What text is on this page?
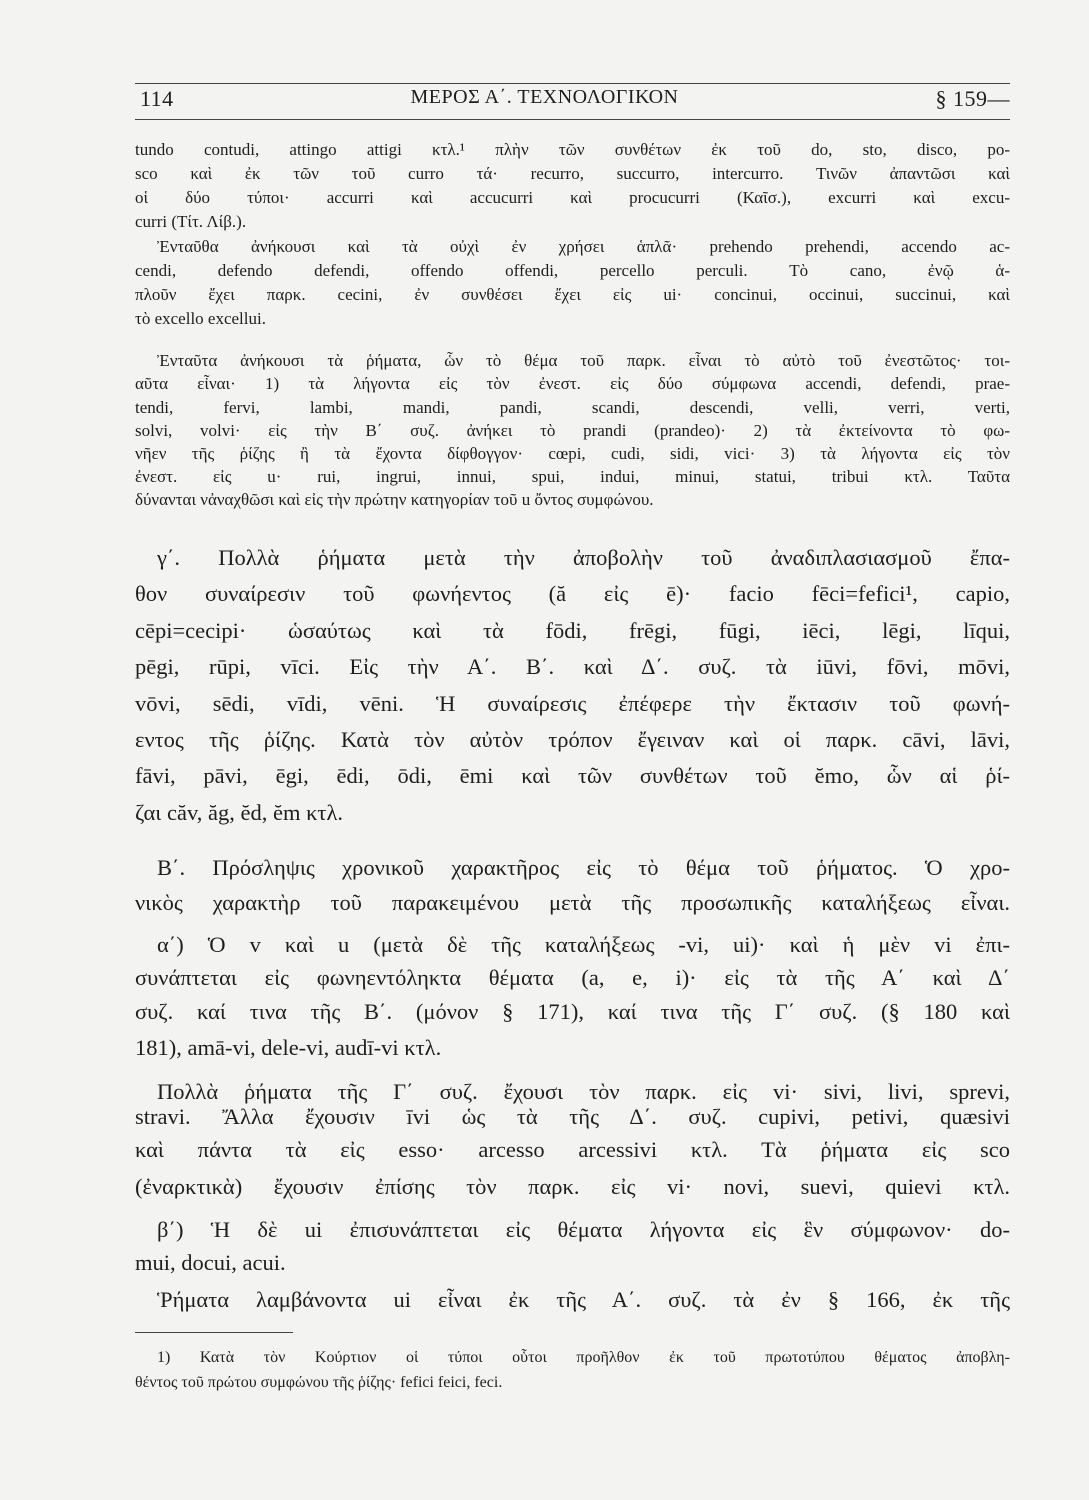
114	ΜΕΡΟΣ Α΄. ΤΕΧΝΟΛΟΓΙΚΟΝ	§ 159—
tundo contudi, attingo attigi κτλ.¹ πλὴν τῶν συνθέτων ἐκ τοῦ do, sto, disco, po-
sco καὶ ἐκ τῶν τοῦ curro τά· recurro, succurro, intercurro. Τινῶν ἀπαντῶσι καὶ
οἱ δύο τύποι· accurri καὶ accucurri καὶ procucurri (Καῖσ.), excurri καὶ excu-
curri (Τίτ. Λίβ.).
Ἐνταῦθα ἀνήκουσι καὶ τὰ οὐχὶ ἐν χρήσει ἁπλᾶ· prehendo prehendi, accendo ac-
cendi, defendo defendi, offendo offendi, percello perculi. Τὸ cano, ἐνῷ ἁ-
πλοῦν ἔχει παρκ. cecini, ἐν συνθέσει ἔχει εἰς ui· concinui, occinui, succinui, καὶ
τὸ excello excellui.
Ἐνταῦτα ἀνήκουσι τὰ ῥήματα, ὧν τὸ θέμα τοῦ παρκ. εἶναι τὸ αὐτὸ τοῦ ἐνεστῶτος· τοι-
αῦτα εἶναι· 1) τὰ λήγοντα εἰς τὸν ἐνεστ. εἰς δύο σύμφωνα accendi, defendi, prae-
tendi, fervi, lambi, mandi, pandi, scandi, descendi, velli, verri, verti,
solvi, volvi· εἰς τὴν Β΄ συζ. ἀνήκει τὸ prandi (prandeo)· 2) τὰ ἐκτείνοντα τὸ φω-
νῆεν τῆς ῥίζης ἢ τὰ ἔχοντα δίφθογγον· cœpi, cudi, sidi, vici· 3) τὰ λήγοντα εἰς τὸν
ἐνεστ. εἰς u· rui, ingrui, innui, spui, indui, minui, statui, tribui κτλ. Ταῦτα
δύνανται νἀναχθῶσι καὶ εἰς τὴν πρώτην κατηγορίαν τοῦ u ὄντος συμφώνου.
γ΄. Πολλὰ ῥήματα μετὰ τὴν ἀποβολὴν τοῦ ἀναδιπλασιασμοῦ ἔπα-
θον συναίρεσιν τοῦ φωνήεντος (ă εἰς ē)· facio fēci=fefici¹, capio,
cēpi=cecipi· ὡσαύτως καὶ τὰ fōdi, frēgi, fūgi, iēci, lēgi, līqui,
pēgi, rūpi, vīci. Εἰς τὴν Α΄. Β΄. καὶ Δ΄. συζ. τὰ iūvi, fōvi, mōvi,
vōvi, sēdi, vīdi, vēni. Ἡ συναίρεσις ἐπέφερε τὴν ἔκτασιν τοῦ φωνή-
εντος τῆς ῥίζης. Κατὰ τὸν αὐτὸν τρόπον ἔγειναν καὶ οἱ παρκ. cāvi, lāvi,
fāvi, pāvi, ēgi, ēdi, ōdi, ēmi καὶ τῶν συνθέτων τοῦ ĕmo, ὧν αἱ ῥί-
ζαι căv, ăg, ĕd, ĕm κτλ.
Β΄. Πρόσληψις χρονικοῦ χαρακτῆρος εἰς τὸ θέμα τοῦ ῥήματος. Ὁ χρο-
νικὸς χαρακτὴρ τοῦ παρακειμένου μετὰ τῆς προσωπικῆς καταλήξεως εἶναι.
α΄) Ὁ v καὶ u (μετὰ δὲ τῆς καταλήξεως -vi, ui)· καὶ ἡ μὲν vi ἐπι-
συνάπτεται εἰς φωνηεντόληκτα θέματα (a, e, i)· εἰς τὰ τῆς Α΄ καὶ Δ΄
συζ. καί τινα τῆς Β΄. (μόνον § 171), καί τινα τῆς Γ΄ συζ. (§ 180 καὶ
181), amā-vi, dele-vi, audī-vi κτλ.
Πολλὰ ῥήματα τῆς Γ΄ συζ. ἔχουσι τὸν παρκ. εἰς vi· sivi, livi, sprevi,
stravi. Ἄλλα ἔχουσιν īvi ὡς τὰ τῆς Δ΄. συζ. cupivi, petivi, quæsivi
καὶ πάντα τὰ εἰς esso· arcesso arcessivi κτλ. Τὰ ῥήματα εἰς sco
(ἐναρκτικὰ) ἔχουσιν ἐπίσης τὸν παρκ. εἰς vi· novi, suevi, quievi κτλ.
β΄) Ἡ δὲ ui ἐπισυνάπτεται εἰς θέματα λήγοντα εἰς ἓν σύμφωνον· do-
mui, docui, acui.
Ῥήματα λαμβάνοντα ui εἶναι ἐκ τῆς Α΄. συζ. τὰ ἐν § 166, ἐκ τῆς
1) Κατὰ τὸν Κούρτιον οἱ τύποι οὗτοι προῆλθον ἐκ τοῦ πρωτοτύπου θέματος ἀποβλη-
θέντος τοῦ πρώτου συμφώνου τῆς ῥίζης· fefici feici, feci.
